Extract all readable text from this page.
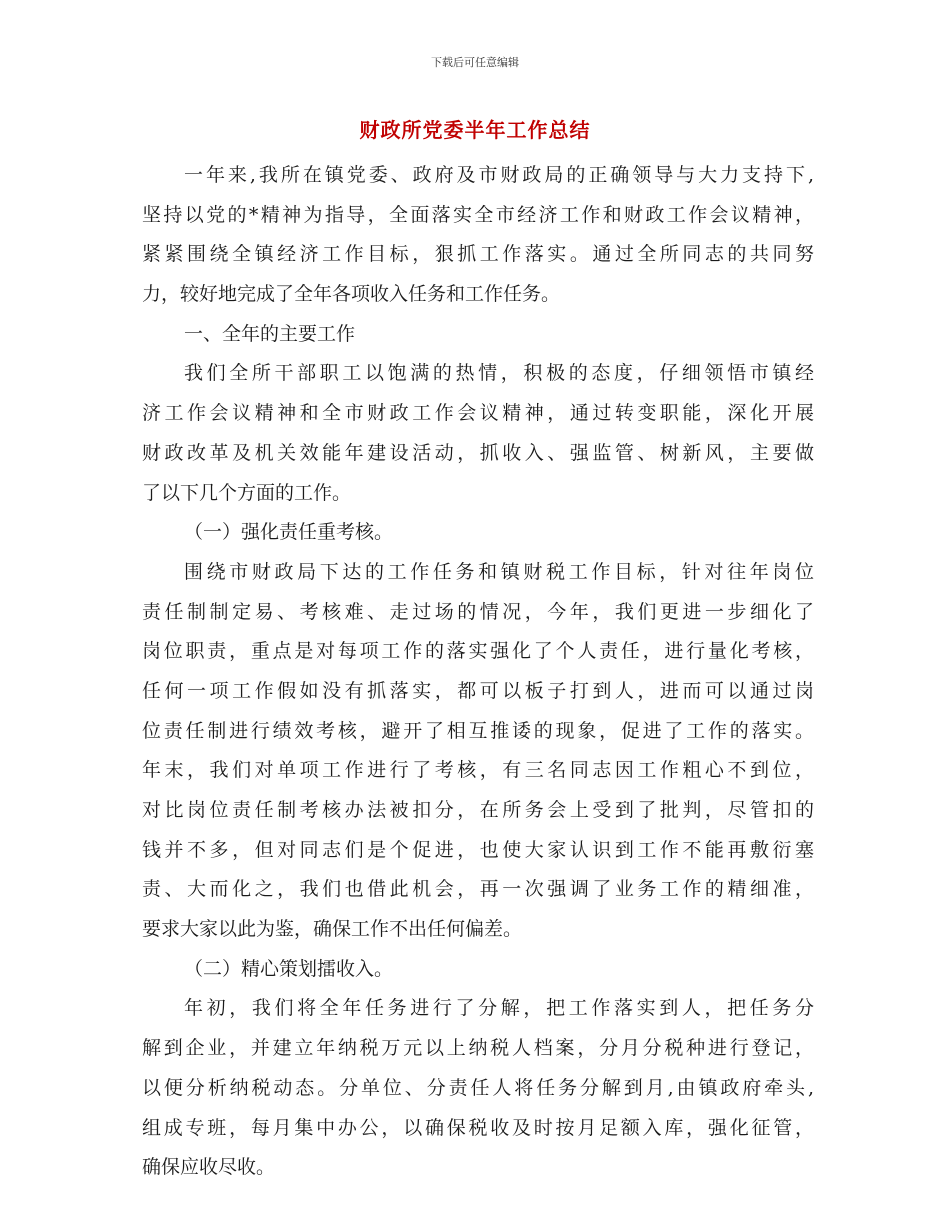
下载后可任意编辑
财政所党委半年工作总结
一年来,我所在镇党委、政府及市财政局的正确领导与大力支持下,
坚持以党的*精神为指导，全面落实全市经济工作和财政工作会议精神，
紧紧围绕全镇经济工作目标，狠抓工作落实。通过全所同志的共同努
力，较好地完成了全年各项收入任务和工作任务。
一、全年的主要工作
我们全所干部职工以饱满的热情，积极的态度，仔细领悟市镇经
济工作会议精神和全市财政工作会议精神，通过转变职能，深化开展
财政改革及机关效能年建设活动，抓收入、强监管、树新风，主要做
了以下几个方面的工作。
（一）强化责任重考核。
围绕市财政局下达的工作任务和镇财税工作目标，针对往年岗位
责任制制定易、考核难、走过场的情况，今年，我们更进一步细化了
岗位职责，重点是对每项工作的落实强化了个人责任，进行量化考核，
任何一项工作假如没有抓落实，都可以板子打到人，进而可以通过岗
位责任制进行绩效考核，避开了相互推诿的现象，促进了工作的落实。
年末，我们对单项工作进行了考核，有三名同志因工作粗心不到位，
对比岗位责任制考核办法被扣分，在所务会上受到了批判，尽管扣的
钱并不多，但对同志们是个促进，也使大家认识到工作不能再敷衍塞
责、大而化之，我们也借此机会，再一次强调了业务工作的精细准，
要求大家以此为鉴，确保工作不出任何偏差。
（二）精心策划擂收入。
年初，我们将全年任务进行了分解，把工作落实到人，把任务分
解到企业，并建立年纳税万元以上纳税人档案，分月分税种进行登记，
以便分析纳税动态。分单位、分责任人将任务分解到月,由镇政府牵头,
组成专班，每月集中办公，以确保税收及时按月足额入库，强化征管，
确保应收尽收。
